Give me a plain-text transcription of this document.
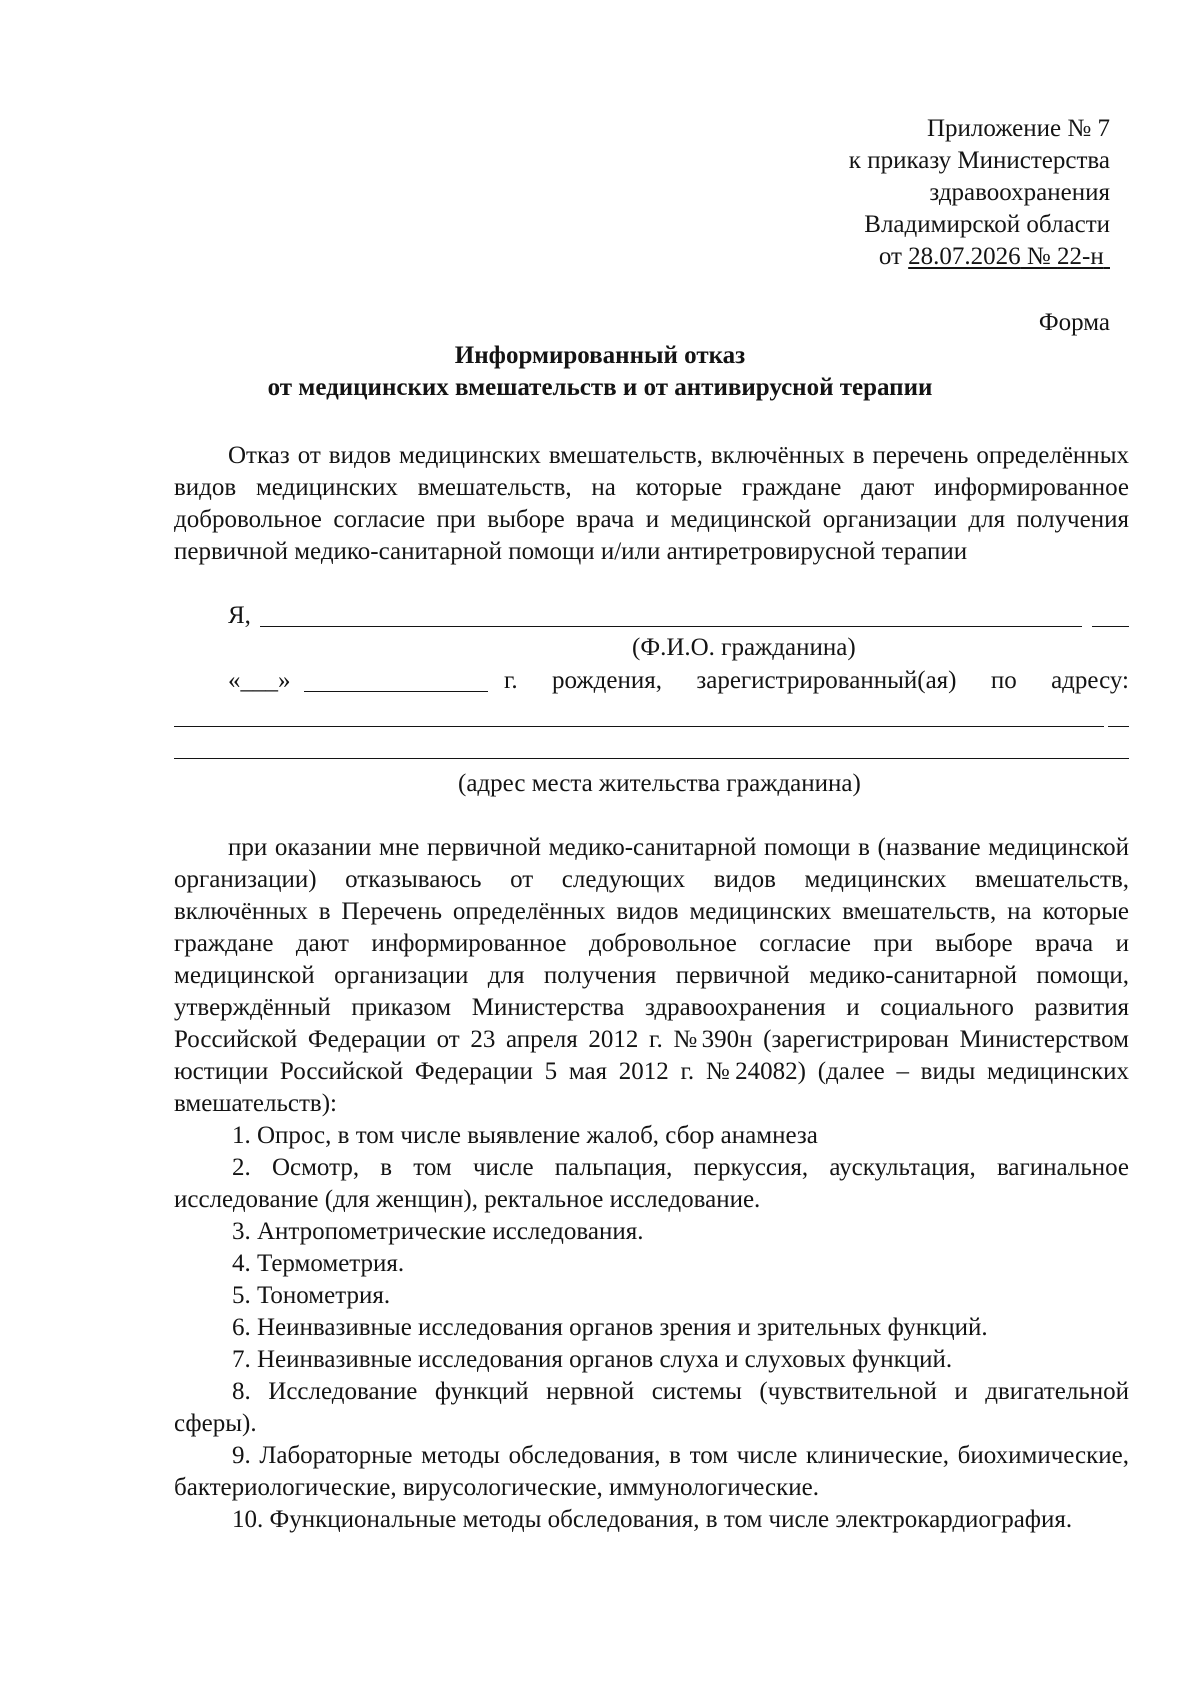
Приложение № 7
к приказу Министерства
здравоохранения
Владимирской области
от 28.07.2026 № 22-н
Форма
Информированный отказ
от медицинских вмешательств и от антивирусной терапии

Отказ от видов медицинских вмешательств, включённых в перечень определённых видов медицинских вмешательств, на которые граждане дают информированное добровольное согласие при выборе врача и медицинской организации для получения первичной медико-санитарной помощи и/или антиретровирусной терапии

Я,
(Ф.И.О. гражданина)
«___»	г. рождения, зарегистрированный(ая) по адресу:
(адрес места жительства гражданина)

при оказании мне первичной медико-санитарной помощи в (название медицинской организации) отказываюсь от следующих видов медицинских вмешательств, включённых в Перечень определённых видов медицинских вмешательств, на которые граждане дают информированное добровольное согласие при выборе врача и медицинской организации для получения первичной медико-санитарной помощи, утверждённый приказом Министерства здравоохранения и социального развития Российской Федерации от 23 апреля 2012 г. №390н (зарегистрирован Министерством юстиции Российской Федерации 5 мая 2012 г. №24082) (далее – виды медицинских вмешательств):

1. Опрос, в том числе выявление жалоб, сбор анамнеза

2. Осмотр, в том числе пальпация, перкуссия, аускультация, вагинальное исследование (для женщин), ректальное исследование.

3. Антропометрические исследования.

4. Термометрия.

5. Тонометрия.

6. Неинвазивные исследования органов зрения и зрительных функций.

7. Неинвазивные исследования органов слуха и слуховых функций.

8. Исследование функций нервной системы (чувствительной и двигательной сферы).

9. Лабораторные методы обследования, в том числе клинические, биохимические, бактериологические, вирусологические, иммунологические.

10. Функциональные методы обследования, в том числе электрокардиография.
